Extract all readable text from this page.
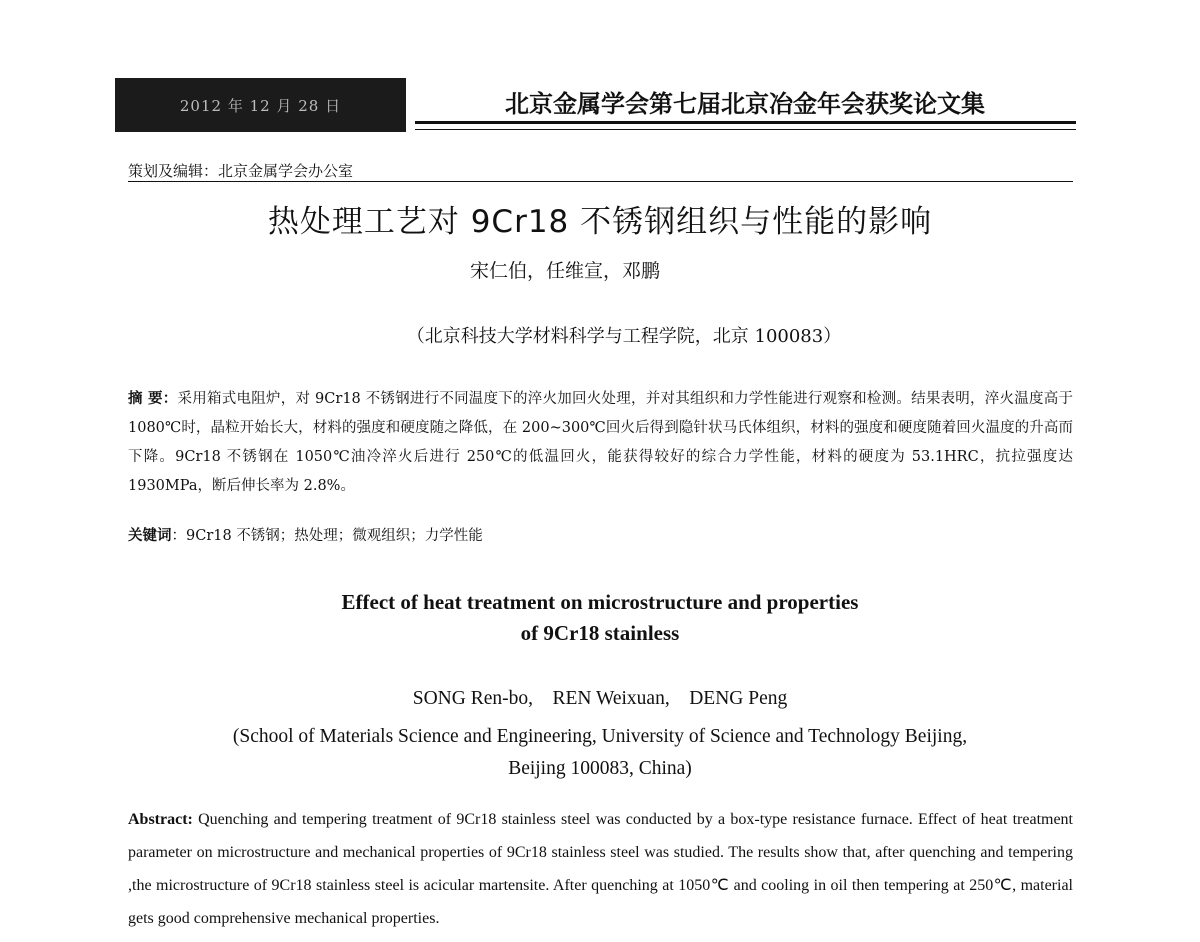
2012 年 12 月 28 日	北京金属学会第七届北京冶金年会获奖论文集
策划及编辑：北京金属学会办公室
热处理工艺对 9Cr18 不锈钢组织与性能的影响
宋仁伯，任维宣，邓鹏
（北京科技大学材料科学与工程学院，北京 100083）
摘 要：采用箱式电阻炉，对 9Cr18 不锈钢进行不同温度下的淬火加回火处理，并对其组织和力学性能进行观察和检测。结果表明，淬火温度高于 1080℃时，晶粒开始长大，材料的强度和硬度随之降低，在 200~300℃回火后得到隐针状马氏体组织，材料的强度和硬度随着回火温度的升高而下降。9Cr18 不锈钢在 1050℃油冷淬火后进行 250℃的低温回火，能获得较好的综合力学性能，材料的硬度为 53.1HRC，抗拉强度达 1930MPa，断后伸长率为 2.8%。
关键词：9Cr18 不锈钢；热处理；微观组织；力学性能
Effect of heat treatment on microstructure and properties
of 9Cr18 stainless
SONG Ren-bo,    REN Weixuan,    DENG Peng
(School of Materials Science and Engineering, University of Science and Technology Beijing,
Beijing 100083, China)
Abstract: Quenching and tempering treatment of 9Cr18 stainless steel was conducted by a box-type resistance furnace. Effect of heat treatment parameter on microstructure and mechanical properties of 9Cr18 stainless steel was studied. The results show that, after quenching and tempering ,the microstructure of 9Cr18 stainless steel is acicular martensite. After quenching at 1050℃ and cooling in oil then tempering at 250℃, material gets good comprehensive mechanical properties.
